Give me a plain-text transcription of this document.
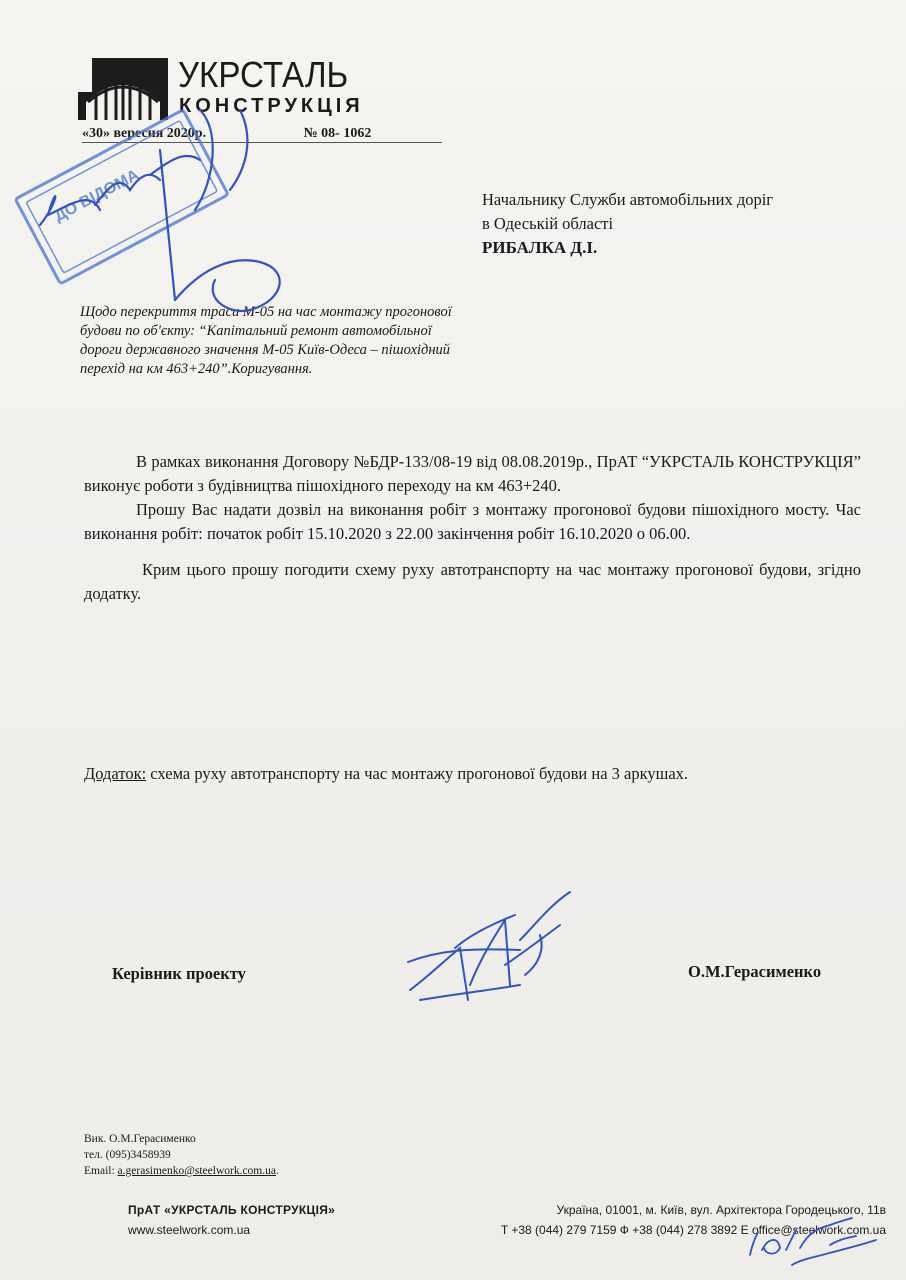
УКРСТАЛЬ
КОНСТРУКЦІЯ
«30» вересня 2020р.	№ 08- 1062
Начальнику Служби автомобільних доріг
в Одеській області
РИБАЛКА Д.І.
Щодо перекриття траси М-05 на час монтажу прогонової будови по об'єкту: “Капітальний ремонт автомобільної дороги державного значення М-05 Київ-Одеса – пішохідний перехід на км 463+240”.Коригування.

В рамках виконання Договору №БДР-133/08-19 від 08.08.2019р., ПрАТ “УКРСТАЛЬ КОНСТРУКЦІЯ” виконує роботи з будівництва пішохідного переходу на км 463+240.

Прошу Вас надати дозвіл на виконання робіт з монтажу прогонової будови пішохідного мосту. Час виконання робіт: початок робіт 15.10.2020 з 22.00 закінчення робіт 16.10.2020 о 06.00.

Крим цього прошу погодити схему руху автотранспорту на час монтажу прогонової будови, згідно додатку.

Додаток: схема руху автотранспорту на час монтажу прогонової будови на 3 аркушах.
Керівник проекту	О.М.Герасименко
Вик. О.М.Герасименко
тел. (095)3458939
Email: a.gerasimenko@steelwork.com.ua.
ПрАТ «УКРСТАЛЬ КОНСТРУКЦІЯ»
www.steelwork.com.ua
Україна, 01001, м. Київ, вул. Архітектора Городецького, 11в
T +38 (044) 279 7159 Ф +38 (044) 278 3892 E office@steelwork.com.ua
ДО ВІДОМА
